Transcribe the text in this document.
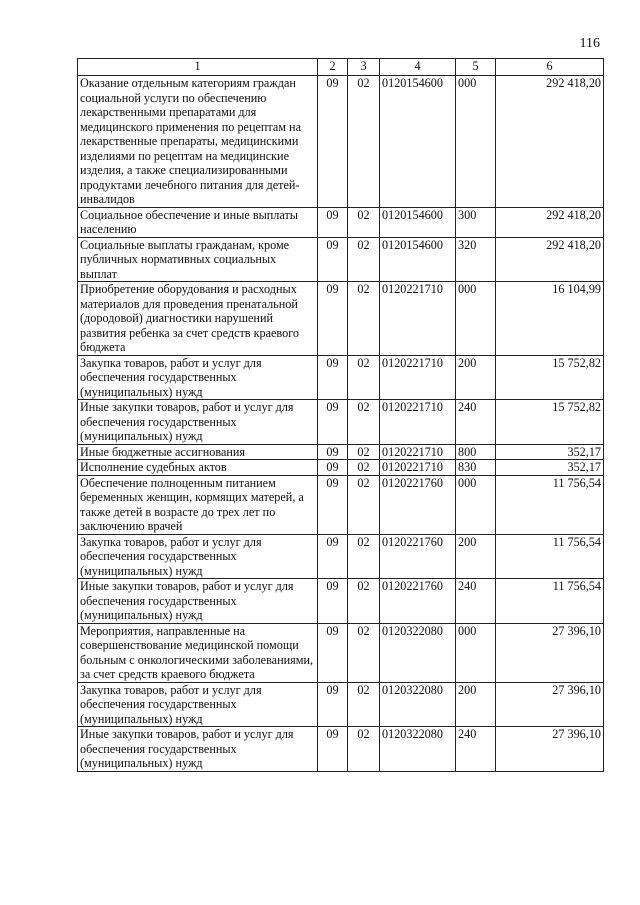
116
1	2	3	4	5	6
Оказание отдельным категориям граждан социальной услуги по обеспечению лекарственными препаратами для медицинского применения по рецептам на лекарственные препараты, медицинскими изделиями по рецептам на медицинские изделия, а также специализированными продуктами лечебного питания для детей-инвалидов	09	02	0120154600	000	292 418,20
Социальное обеспечение и иные выплаты населению	09	02	0120154600	300	292 418,20
Социальные выплаты гражданам, кроме публичных нормативных социальных выплат	09	02	0120154600	320	292 418,20
Приобретение оборудования и расходных материалов для проведения пренатальной (дородовой) диагностики нарушений развития ребенка за счет средств краевого бюджета	09	02	0120221710	000	16 104,99
Закупка товаров, работ и услуг для обеспечения государственных (муниципальных) нужд	09	02	0120221710	200	15 752,82
Иные закупки товаров, работ и услуг для обеспечения государственных (муниципальных) нужд	09	02	0120221710	240	15 752,82
Иные бюджетные ассигнования	09	02	0120221710	800	352,17
Исполнение судебных актов	09	02	0120221710	830	352,17
Обеспечение полноценным питанием беременных женщин, кормящих матерей, а также детей в возрасте до трех лет по заключению врачей	09	02	0120221760	000	11 756,54
Закупка товаров, работ и услуг для обеспечения государственных (муниципальных) нужд	09	02	0120221760	200	11 756,54
Иные закупки товаров, работ и услуг для обеспечения государственных (муниципальных) нужд	09	02	0120221760	240	11 756,54
Мероприятия, направленные на совершенствование медицинской помощи больным с онкологическими заболеваниями, за счет средств краевого бюджета	09	02	0120322080	000	27 396,10
Закупка товаров, работ и услуг для обеспечения государственных (муниципальных) нужд	09	02	0120322080	200	27 396,10
Иные закупки товаров, работ и услуг для обеспечения государственных (муниципальных) нужд	09	02	0120322080	240	27 396,10
